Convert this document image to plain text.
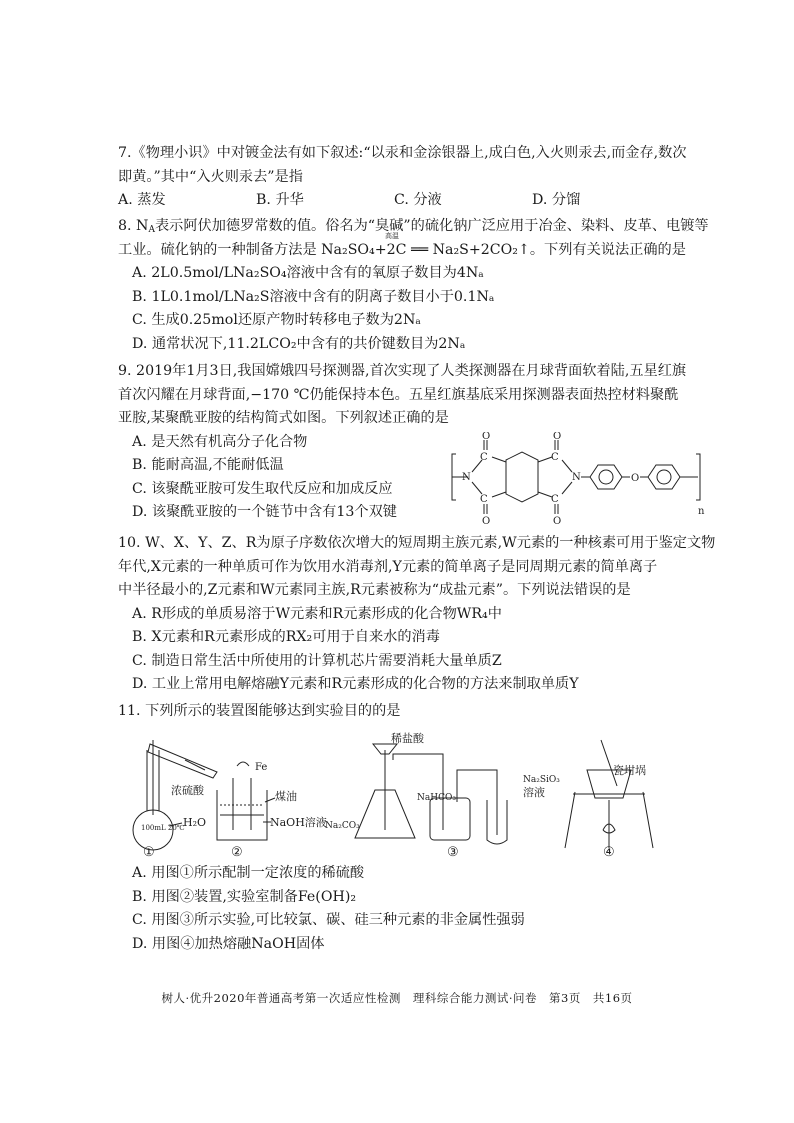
7.《物理小识》中对镀金法有如下叙述:“以汞和金涂银器上,成白色,入火则汞去,而金存,数次
即黄。”其中“入火则汞去”是指
A. 蒸发	B. 升华	C. 分液	D. 分馏
8. $N_A$表示阿伏加德罗常数的值。俗名为“臭碱”的硫化钠广泛应用于冶金、染料、皮革、电镀等
工业。硫化钠的一种制备方法是 Na₂SO₄+2C ══ Na₂S+2CO₂↑。下列有关说法正确的是
A. 2L0.5mol/LNa₂SO₄溶液中含有的氧原子数目为4Nₐ
B. 1L0.1mol/LNa₂S溶液中含有的阴离子数目小于0.1Nₐ
C. 生成0.25mol还原产物时转移电子数为2Nₐ
D. 通常状况下,11.2LCO₂中含有的共价键数目为2Nₐ
高温
9. 2019年1月3日,我国嫦娥四号探测器,首次实现了人类探测器在月球背面软着陆,五星红旗
首次闪耀在月球背面,−170 ℃仍能保持本色。五星红旗基底采用探测器表面热控材料聚酰
亚胺,某聚酰亚胺的结构简式如图。下列叙述正确的是
A. 是天然有机高分子化合物
B. 能耐高温,不能耐低温
C. 该聚酰亚胺可发生取代反应和加成反应
D. 该聚酰亚胺的一个链节中含有13个双键
N
C
C
O
O
C
C
O
O
N	O
n
10. W、X、Y、Z、R为原子序数依次增大的短周期主族元素,W元素的一种核素可用于鉴定文物
年代,X元素的一种单质可作为饮用水消毒剂,Y元素的简单离子是同周期元素的简单离子
中半径最小的,Z元素和W元素同主族,R元素被称为“成盐元素”。下列说法错误的是
A. R形成的单质易溶于W元素和R元素形成的化合物WR₄中
B. X元素和R元素形成的RX₂可用于自来水的消毒
C. 制造日常生活中所使用的计算机芯片需要消耗大量单质Z
D. 工业上常用电解熔融Y元素和R元素形成的化合物的方法来制取单质Y
11. 下列所示的装置图能够达到实验目的的是
浓硫酸
100mL 20℃
H₂O
Fe
煤油
NaOH溶液
稀盐酸
Na₂CO₃
NaHCO₃
Na₂SiO₃
溶液
瓷坩埚
①	②	③	④
A. 用图①所示配制一定浓度的稀硫酸
B. 用图②装置,实验室制备Fe(OH)₂
C. 用图③所示实验,可比较氯、碳、硅三种元素的非金属性强弱
D. 用图④加热熔融NaOH固体
树人·优升2020年普通高考第一次适应性检测　理科综合能力测试·问卷　第3页　共16页
